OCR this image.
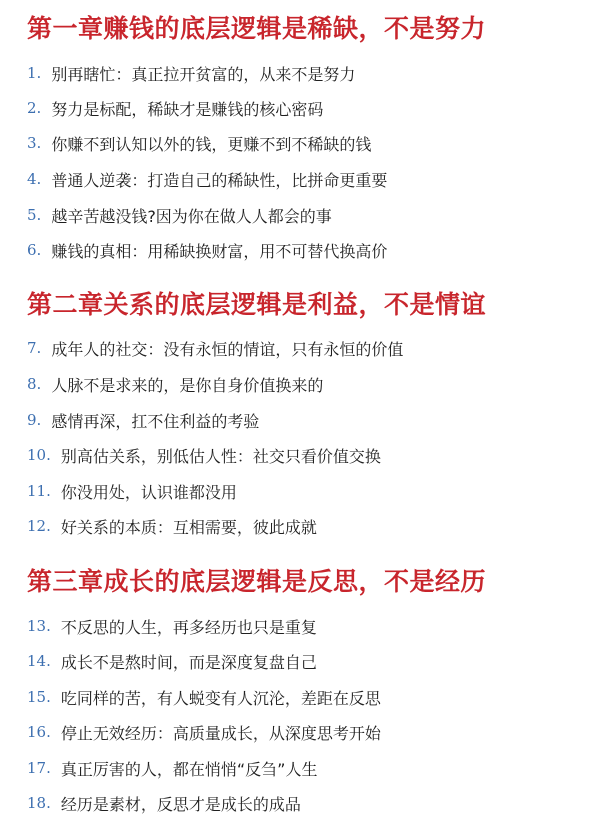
第一章赚钱的底层逻辑是稀缺，不是努力
1. 别再瞎忙：真正拉开贫富的，从来不是努力
2. 努力是标配，稀缺才是赚钱的核心密码
3. 你赚不到认知以外的钱，更赚不到不稀缺的钱
4. 普通人逆袭：打造自己的稀缺性，比拼命更重要
5. 越辛苦越没钱?因为你在做人人都会的事
6. 赚钱的真相：用稀缺换财富，用不可替代换高价
第二章关系的底层逻辑是利益，不是情谊
7. 成年人的社交：没有永恒的情谊，只有永恒的价值
8. 人脉不是求来的，是你自身价值换来的
9. 感情再深，扛不住利益的考验
10. 别高估关系，别低估人性：社交只看价值交换
11. 你没用处，认识谁都没用
12. 好关系的本质：互相需要，彼此成就
第三章成长的底层逻辑是反思，不是经历
13. 不反思的人生，再多经历也只是重复
14. 成长不是熬时间，而是深度复盘自己
15. 吃同样的苦，有人蜕变有人沉沦，差距在反思
16. 停止无效经历：高质量成长，从深度思考开始
17. 真正厉害的人，都在悄悄“反刍”人生
18. 经历是素材，反思才是成长的成品
